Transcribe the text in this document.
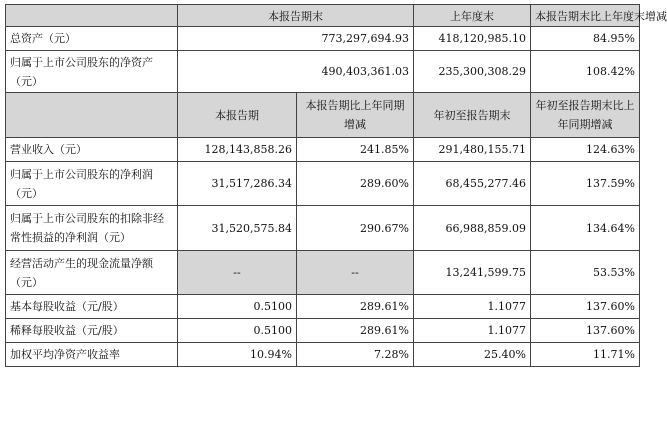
	本报告期末		上年度末	本报告期末比上年度末增减
总资产（元）	773,297,694.93		418,120,985.10	84.95%
归属于上市公司股东的净资产（元）	490,403,361.03		235,300,308.29	108.42%
	本报告期	本报告期比上年同期增减	年初至报告期末	年初至报告期末比上年同期增减
营业收入（元）	128,143,858.26	241.85%	291,480,155.71	124.63%
归属于上市公司股东的净利润（元）	31,517,286.34	289.60%	68,455,277.46	137.59%
归属于上市公司股东的扣除非经常性损益的净利润（元）	31,520,575.84	290.67%	66,988,859.09	134.64%
经营活动产生的现金流量净额（元）	--	--	13,241,599.75	53.53%
基本每股收益（元/股）	0.5100	289.61%	1.1077	137.60%
稀释每股收益（元/股）	0.5100	289.61%	1.1077	137.60%
加权平均净资产收益率	10.94%	7.28%	25.40%	11.71%
